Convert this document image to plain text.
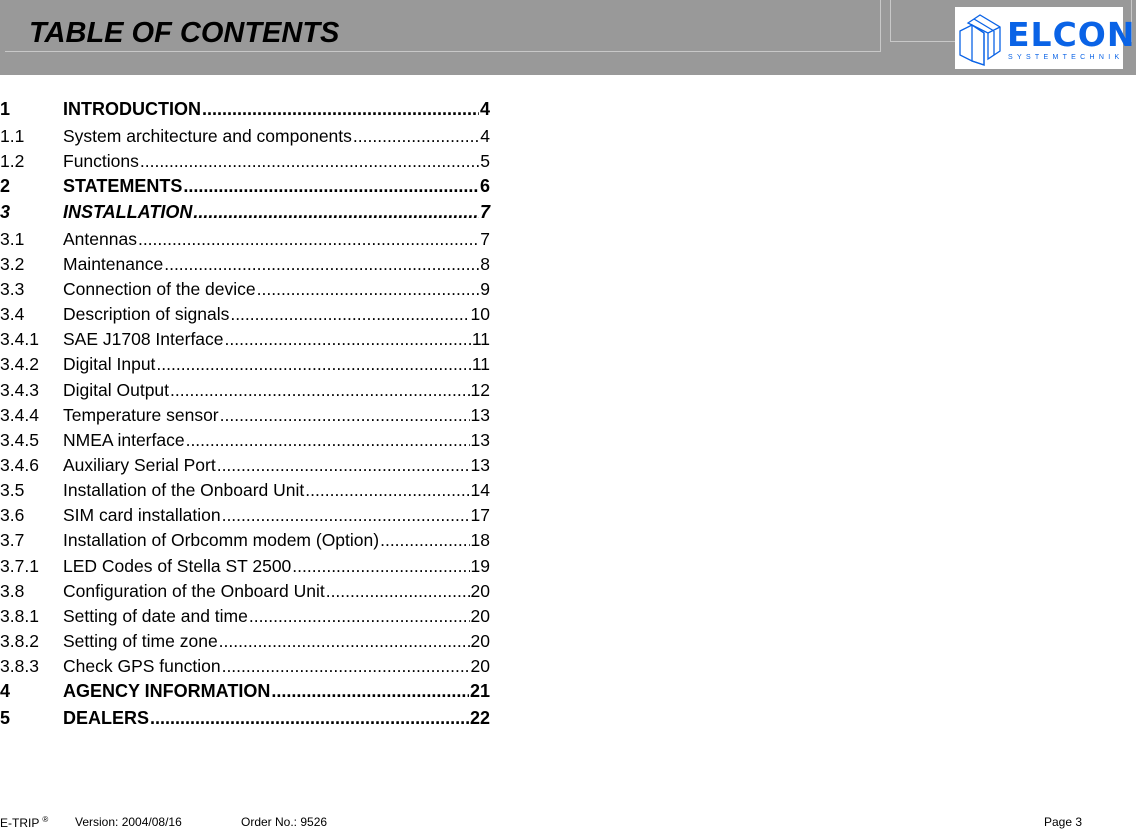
TABLE OF CONTENTS	ELCON
SYSTEMTECHNIK
1	INTRODUCTION .....	4
1.1	System architecture and components .....	4
1.2	Functions .....	5
2	STATEMENTS .....	6
3	INSTALLATION .....	7
3.1	Antennas .....	7
3.2	Maintenance .....	8
3.3	Connection of the device .....	9
3.4	Description of signals .....	10
3.4.1	SAE J1708 Interface .....	11
3.4.2	Digital Input .....	11
3.4.3	Digital Output .....	12
3.4.4	Temperature sensor .....	13
3.4.5	NMEA interface .....	13
3.4.6	Auxiliary Serial Port .....	13
3.5	Installation of the Onboard Unit .....	14
3.6	SIM card installation .....	17
3.7	Installation of Orbcomm modem (Option) .....	18
3.7.1	LED Codes of Stella ST 2500 .....	19
3.8	Configuration of the Onboard Unit .....	20
3.8.1	Setting of date and time .....	20
3.8.2	Setting of time zone .....	20
3.8.3	Check GPS function .....	20
4	AGENCY INFORMATION .....	21
5	DEALERS .....	22
E-TRIP ® Version: 2004/08/16	Order No.: 9526	Page 3
